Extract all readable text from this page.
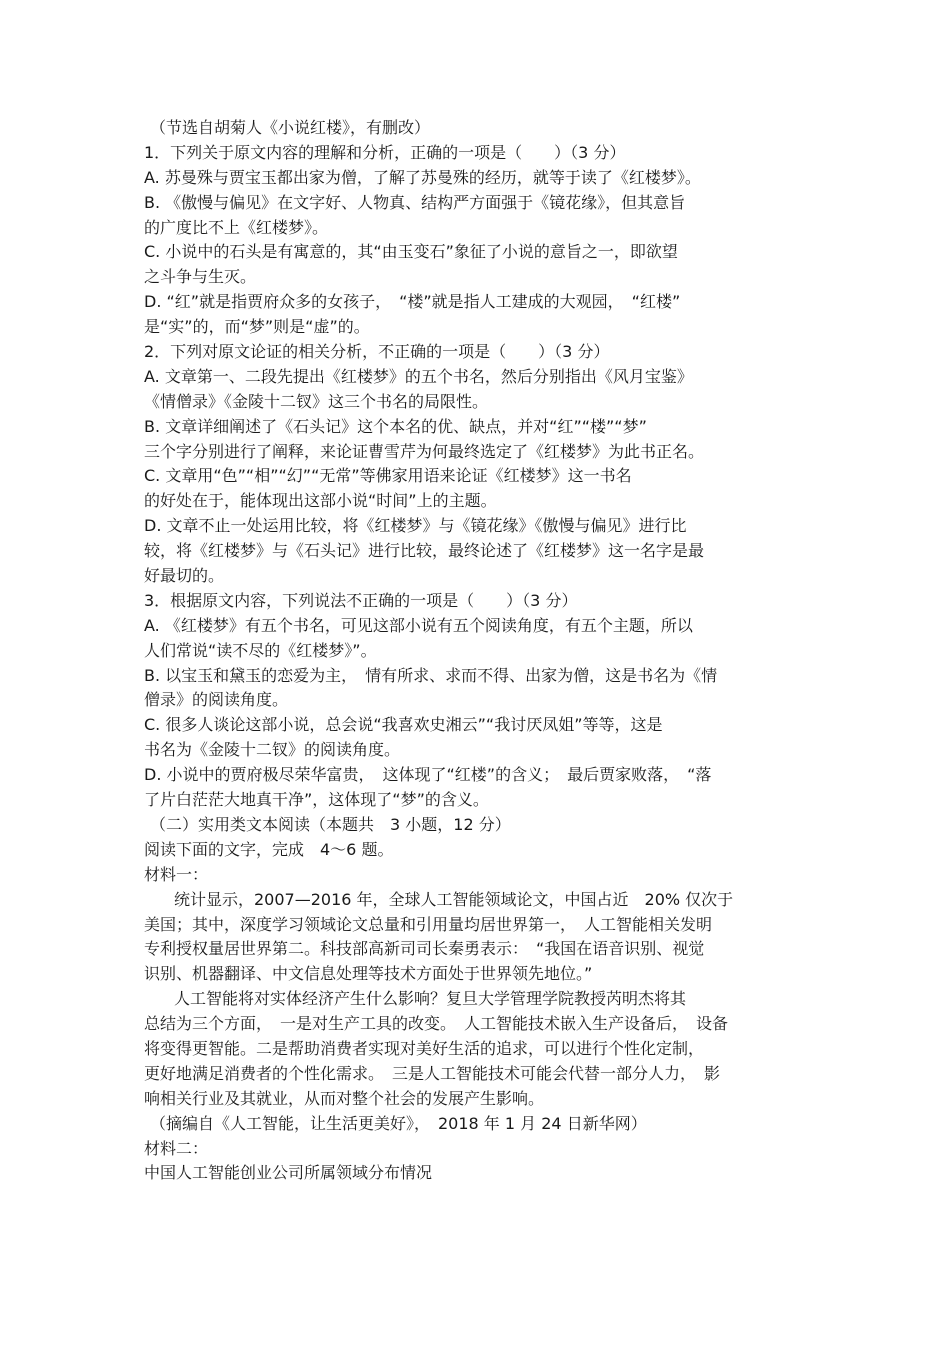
（节选自胡菊人《小说红楼》，有删改）
1．下列关于原文内容的理解和分析，正确的一项是（　　）（3 分）
A. 苏曼殊与贾宝玉都出家为僧，了解了苏曼殊的经历，就等于读了《红楼梦》。
B. 《傲慢与偏见》在文字好、人物真、结构严方面强于《镜花缘》，但其意旨
的广度比不上《红楼梦》。
C. 小说中的石头是有寓意的，其“由玉变石”象征了小说的意旨之一，即欲望
之斗争与生灭。
D. “红”就是指贾府众多的女孩子，　“楼”就是指人工建成的大观园，　“红楼”
是“实”的，而“梦”则是“虚”的。
2．下列对原文论证的相关分析，不正确的一项是（　　）（3 分）
A. 文章第一、二段先提出《红楼梦》的五个书名，然后分别指出《风月宝鉴》
《情僧录》《金陵十二钗》这三个书名的局限性。
B. 文章详细阐述了《石头记》这个本名的优、缺点，并对“红”“楼”“梦”
三个字分别进行了阐释，来论证曹雪芹为何最终选定了《红楼梦》为此书正名。
C. 文章用“色”“相”“幻”“无常”等佛家用语来论证《红楼梦》这一书名
的好处在于，能体现出这部小说“时间”上的主题。
D. 文章不止一处运用比较，将《红楼梦》与《镜花缘》《傲慢与偏见》进行比
较，将《红楼梦》与《石头记》进行比较，最终论述了《红楼梦》这一名字是最
好最切的。
3．根据原文内容，下列说法不正确的一项是（　　）（3 分）
A. 《红楼梦》有五个书名，可见这部小说有五个阅读角度，有五个主题，所以
人们常说“读不尽的《红楼梦》”。
B. 以宝玉和黛玉的恋爱为主，　情有所求、求而不得、出家为僧，这是书名为《情
僧录》的阅读角度。
C. 很多人谈论这部小说，总会说“我喜欢史湘云”“我讨厌凤姐”等等，这是
书名为《金陵十二钗》的阅读角度。
D. 小说中的贾府极尽荣华富贵，　这体现了“红楼”的含义；　最后贾家败落，　“落
了片白茫茫大地真干净”，这体现了“梦”的含义。
（二）实用类文本阅读（本题共　3 小题，12 分）
阅读下面的文字，完成　4～6 题。
材料一：
统计显示，2007—2016 年，全球人工智能领域论文，中国占近　20% 仅次于
美国；其中，深度学习领域论文总量和引用量均居世界第一，　人工智能相关发明
专利授权量居世界第二。科技部高新司司长秦勇表示：　“我国在语音识别、视觉
识别、机器翻译、中文信息处理等技术方面处于世界领先地位。”
人工智能将对实体经济产生什么影响？复旦大学管理学院教授芮明杰将其
总结为三个方面，　一是对生产工具的改变。　人工智能技术嵌入生产设备后，　设备
将变得更智能。二是帮助消费者实现对美好生活的追求，可以进行个性化定制，
更好地满足消费者的个性化需求。　三是人工智能技术可能会代替一部分人力，　影
响相关行业及其就业，从而对整个社会的发展产生影响。
（摘编自《人工智能，让生活更美好》，　2018 年 1 月 24 日新华网）
材料二：
中国人工智能创业公司所属领域分布情况
